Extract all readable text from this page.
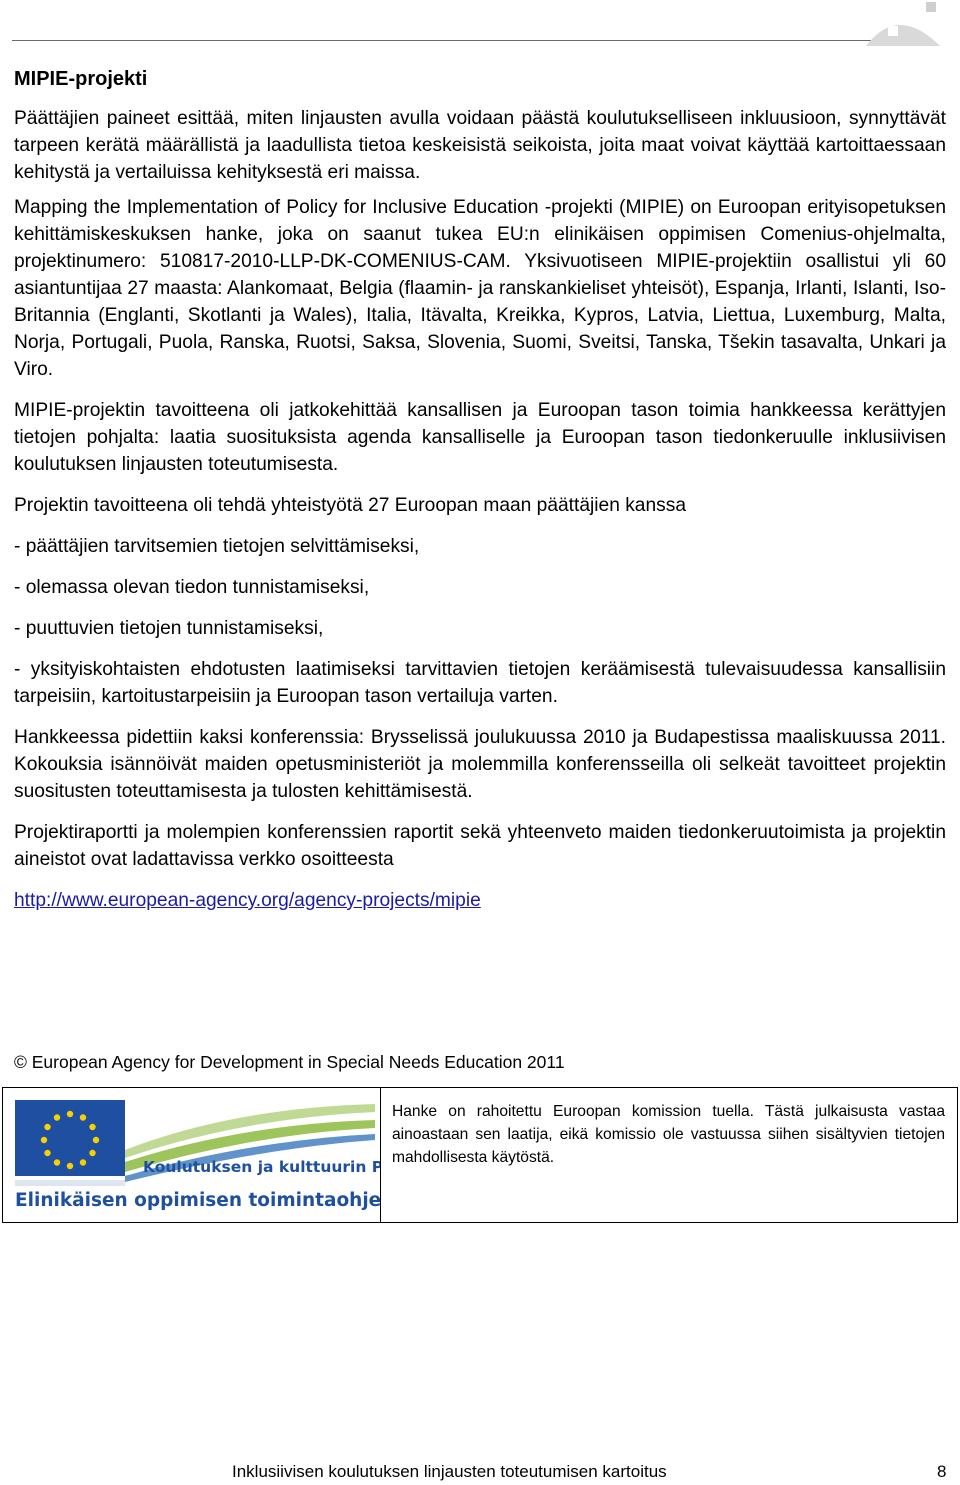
MIPIE-projekti

Päättäjien paineet esittää, miten linjausten avulla voidaan päästä koulutukselliseen inkluusioon, synnyttävät tarpeen kerätä määrällistä ja laadullista tietoa keskeisistä seikoista, joita maat voivat käyttää kartoittaessaan kehitystä ja vertailuissa kehityksestä eri maissa.

Mapping the Implementation of Policy for Inclusive Education -projekti (MIPIE) on Euroopan erityisopetuksen kehittämiskeskuksen hanke, joka on saanut tukea EU:n elinikäisen oppimisen Comenius-ohjelmalta, projektinumero: 510817-2010-LLP-DK-COMENIUS-CAM. Yksivuotiseen MIPIE-projektiin osallistui yli 60 asiantuntijaa 27 maasta: Alankomaat, Belgia (flaamin- ja ranskankieliset yhteisöt), Espanja, Irlanti, Islanti, Iso-Britannia (Englanti, Skotlanti ja Wales), Italia, Itävalta, Kreikka, Kypros, Latvia, Liettua, Luxemburg, Malta, Norja, Portugali, Puola, Ranska, Ruotsi, Saksa, Slovenia, Suomi, Sveitsi, Tanska, Tšekin tasavalta, Unkari ja Viro.

MIPIE-projektin tavoitteena oli jatkokehittää kansallisen ja Euroopan tason toimia hankkeessa kerättyjen tietojen pohjalta: laatia suosituksista agenda kansalliselle ja Euroopan tason tiedonkeruulle inklusiivisen koulutuksen linjausten toteutumisesta.

Projektin tavoitteena oli tehdä yhteistyötä 27 Euroopan maan päättäjien kanssa

- päättäjien tarvitsemien tietojen selvittämiseksi,

- olemassa olevan tiedon tunnistamiseksi,

- puuttuvien tietojen tunnistamiseksi,

- yksityiskohtaisten ehdotusten laatimiseksi tarvittavien tietojen keräämisestä tulevaisuudessa kansallisiin tarpeisiin, kartoitustarpeisiin ja Euroopan tason vertailuja varten.

Hankkeessa pidettiin kaksi konferenssia: Brysselissä joulukuussa 2010 ja Budapestissa maaliskuussa 2011. Kokouksia isännöivät maiden opetusministeriöt ja molemmilla konferensseilla oli selkeät tavoitteet projektin suositusten toteuttamisesta ja tulosten kehittämisestä.

Projektiraportti ja molempien konferenssien raportit sekä yhteenveto maiden tiedonkeruutoimista ja projektin aineistot ovat ladattavissa verkko osoitteesta

http://www.european-agency.org/agency-projects/mipie

© European Agency for Development in Special Needs Education 2011
Koulutuksen ja kulttuurin PO
Elinikäisen oppimisen toimintaohjelma
Hanke on rahoitettu Euroopan komission tuella. Tästä julkaisusta vastaa ainoastaan sen laatija, eikä komissio ole vastuussa siihen sisältyvien tietojen mahdollisesta käytöstä.
Inklusiivisen koulutuksen linjausten toteutumisen kartoitus	8
